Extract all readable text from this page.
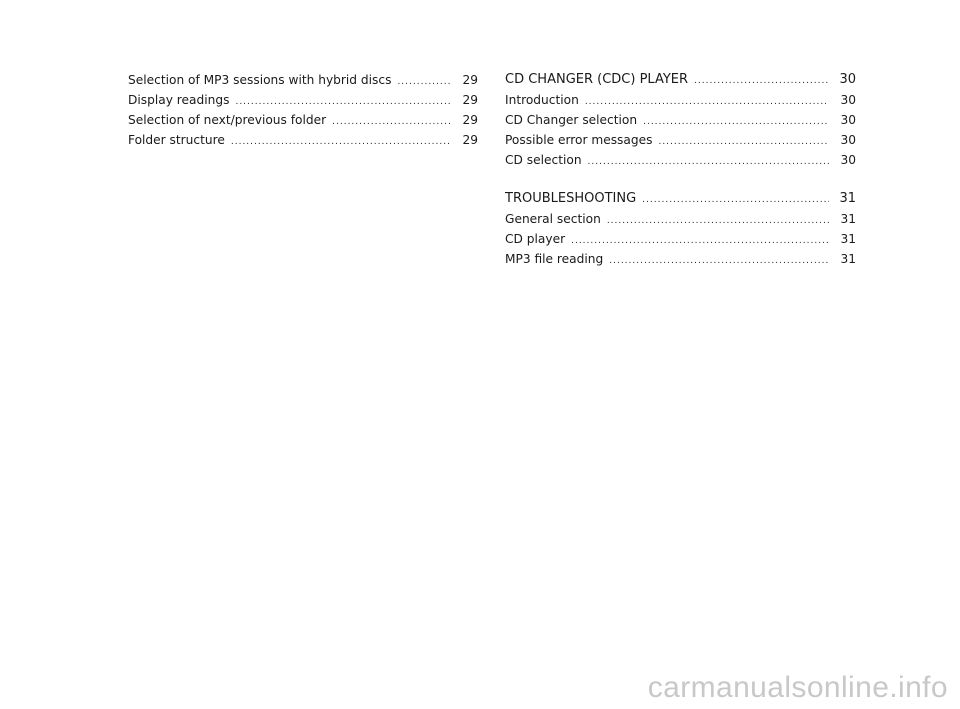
Selection of MP3 sessions with hybrid discs .....	29
Display readings .....	29
Selection of next/previous folder .....	29
Folder structure .....	29
CD CHANGER (CDC) PLAYER .....	30
Introduction .....	30
CD Changer selection .....	30
Possible error messages .....	30
CD selection .....	30
TROUBLESHOOTING .....	31
General section .....	31
CD player .....	31
MP3 file reading .....	31
carmanualsonline.info
